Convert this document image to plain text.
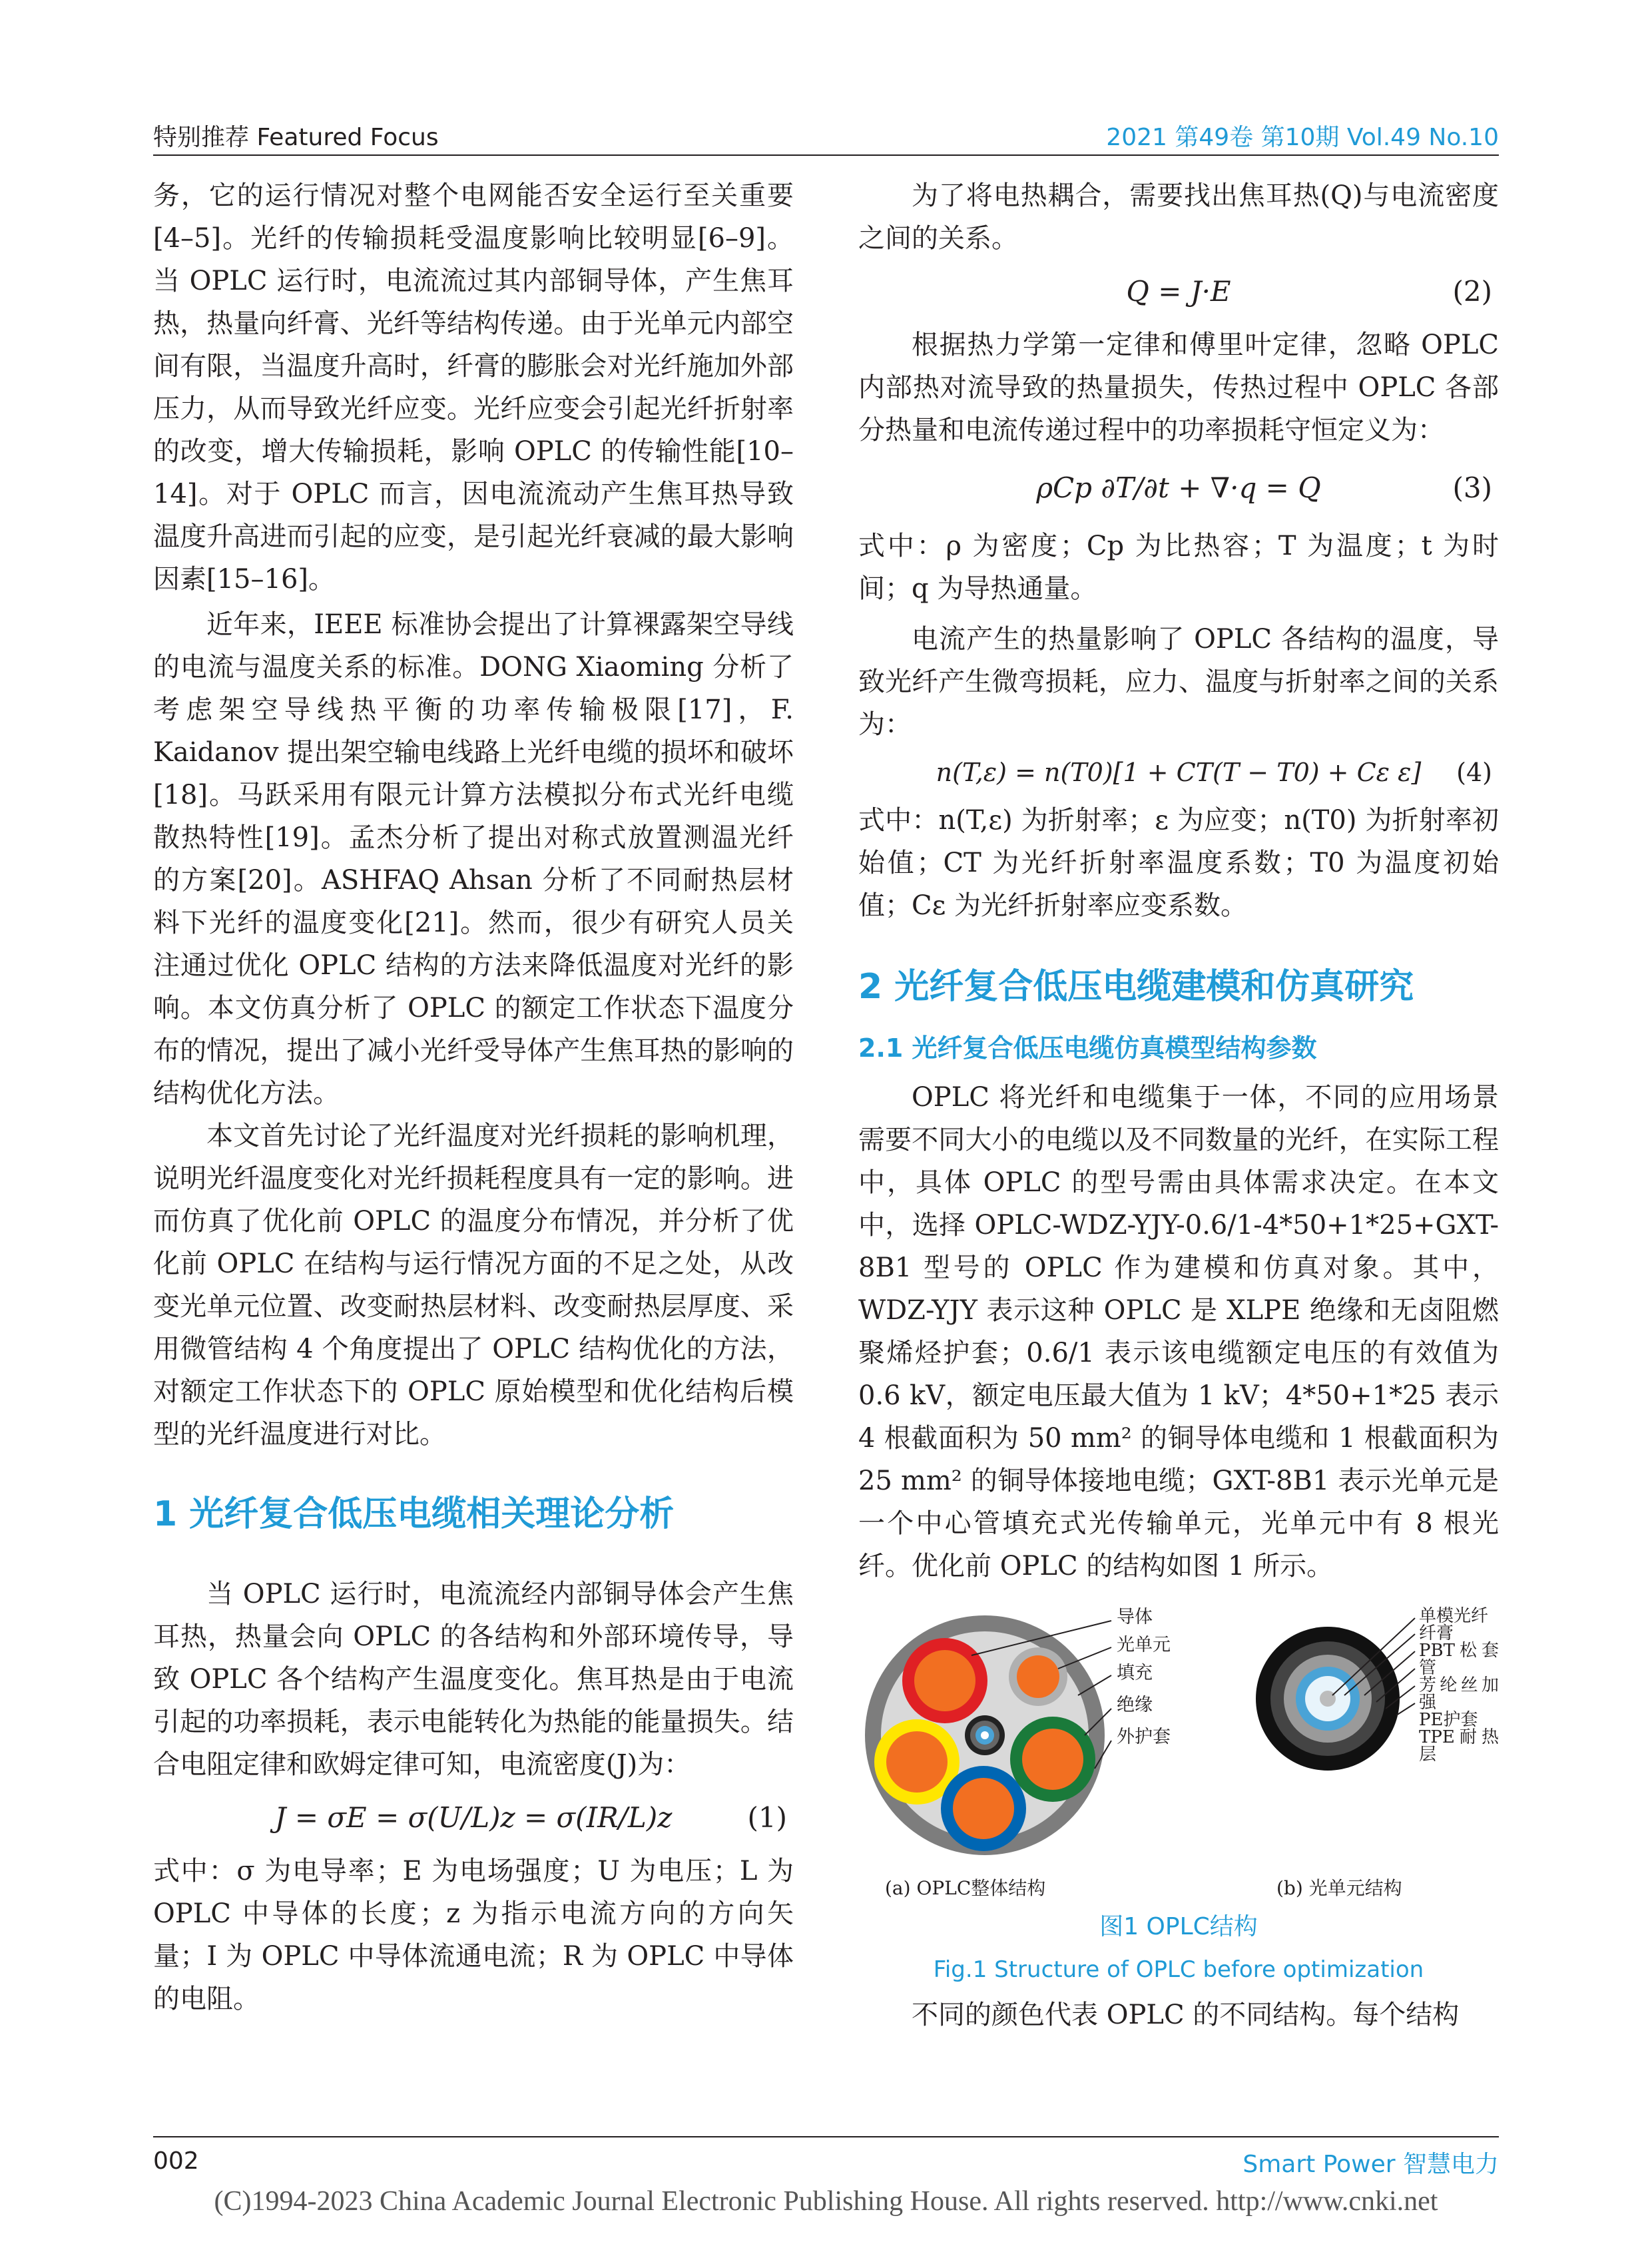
特别推荐 Featured Focus	2021 第49卷 第10期 Vol.49 No.10

务，它的运行情况对整个电网能否安全运行至关重要[4–5]。光纤的传输损耗受温度影响比较明显[6–9]。当 OPLC 运行时，电流流过其内部铜导体，产生焦耳热，热量向纤膏、光纤等结构传递。由于光单元内部空间有限，当温度升高时，纤膏的膨胀会对光纤施加外部压力，从而导致光纤应变。光纤应变会引起光纤折射率的改变，增大传输损耗，影响 OPLC 的传输性能[10–14]。对于 OPLC 而言，因电流流动产生焦耳热导致温度升高进而引起的应变，是引起光纤衰减的最大影响因素[15–16]。

近年来，IEEE 标准协会提出了计算裸露架空导线的电流与温度关系的标准。DONG Xiaoming 分析了考虑架空导线热平衡的功率传输极限[17]，F. Kaidanov 提出架空输电线路上光纤电缆的损坏和破坏[18]。马跃采用有限元计算方法模拟分布式光纤电缆散热特性[19]。孟杰分析了提出对称式放置测温光纤的方案[20]。ASHFAQ Ahsan 分析了不同耐热层材料下光纤的温度变化[21]。然而，很少有研究人员关注通过优化 OPLC 结构的方法来降低温度对光纤的影响。本文仿真分析了 OPLC 的额定工作状态下温度分布的情况，提出了减小光纤受导体产生焦耳热的影响的结构优化方法。

本文首先讨论了光纤温度对光纤损耗的影响机理，说明光纤温度变化对光纤损耗程度具有一定的影响。进而仿真了优化前 OPLC 的温度分布情况，并分析了优化前 OPLC 在结构与运行情况方面的不足之处，从改变光单元位置、改变耐热层材料、改变耐热层厚度、采用微管结构 4 个角度提出了 OPLC 结构优化的方法，对额定工作状态下的 OPLC 原始模型和优化结构后模型的光纤温度进行对比。

1 光纤复合低压电缆相关理论分析

当 OPLC 运行时，电流流经内部铜导体会产生焦耳热，热量会向 OPLC 的各结构和外部环境传导，导致 OPLC 各个结构产生温度变化。焦耳热是由于电流引起的功率损耗，表示电能转化为热能的能量损失。结合电阻定律和欧姆定律可知，电流密度(J)为：

J = σE = σ(U/L)z = σ(IR/L)z	(1)

式中：σ 为电导率；E 为电场强度；U 为电压；L 为 OPLC 中导体的长度；z 为指示电流方向的方向矢量；I 为 OPLC 中导体流通电流；R 为 OPLC 中导体的电阻。

为了将电热耦合，需要找出焦耳热(Q)与电流密度之间的关系。

Q = J·E	(2)

根据热力学第一定律和傅里叶定律，忽略 OPLC 内部热对流导致的热量损失，传热过程中 OPLC 各部分热量和电流传递过程中的功率损耗守恒定义为：

ρCp ∂T/∂t + ∇·q = Q	(3)

式中：ρ 为密度；Cp 为比热容；T 为温度；t 为时间；q 为导热通量。

电流产生的热量影响了 OPLC 各结构的温度，导致光纤产生微弯损耗，应力、温度与折射率之间的关系为：

n(T,ε) = n(T0)[1 + CT(T − T0) + Cε ε] (4)

式中：n(T,ε) 为折射率；ε 为应变；n(T0) 为折射率初始值；CT 为光纤折射率温度系数；T0 为温度初始值；Cε 为光纤折射率应变系数。

2 光纤复合低压电缆建模和仿真研究
2.1 光纤复合低压电缆仿真模型结构参数

OPLC 将光纤和电缆集于一体，不同的应用场景需要不同大小的电缆以及不同数量的光纤，在实际工程中，具体 OPLC 的型号需由具体需求决定。在本文中，选择 OPLC-WDZ-YJY-0.6/1-4*50+1*25+GXT-8B1 型号的 OPLC 作为建模和仿真对象。其中，WDZ-YJY 表示这种 OPLC 是 XLPE 绝缘和无卤阻燃聚烯烃护套；0.6/1 表示该电缆额定电压的有效值为 0.6 kV，额定电压最大值为 1 kV；4*50+1*25 表示 4 根截面积为 50 mm² 的铜导体电缆和 1 根截面积为 25 mm² 的铜导体接地电缆；GXT-8B1 表示光单元是一个中心管填充式光传输单元，光单元中有 8 根光纤。优化前 OPLC 的结构如图 1 所示。

导体
光单元
填充
绝缘
外护套
单模光纤
纤膏
PBT松套管
芳纶丝加强
PE护套
TPE耐热层
(a) OPLC整体结构	(b) 光单元结构
图1 OPLC结构
Fig.1 Structure of OPLC before optimization

不同的颜色代表 OPLC 的不同结构。每个结构

002	Smart Power 智慧电力
(C)1994-2023 China Academic Journal Electronic Publishing House. All rights reserved. http://www.cnki.net
